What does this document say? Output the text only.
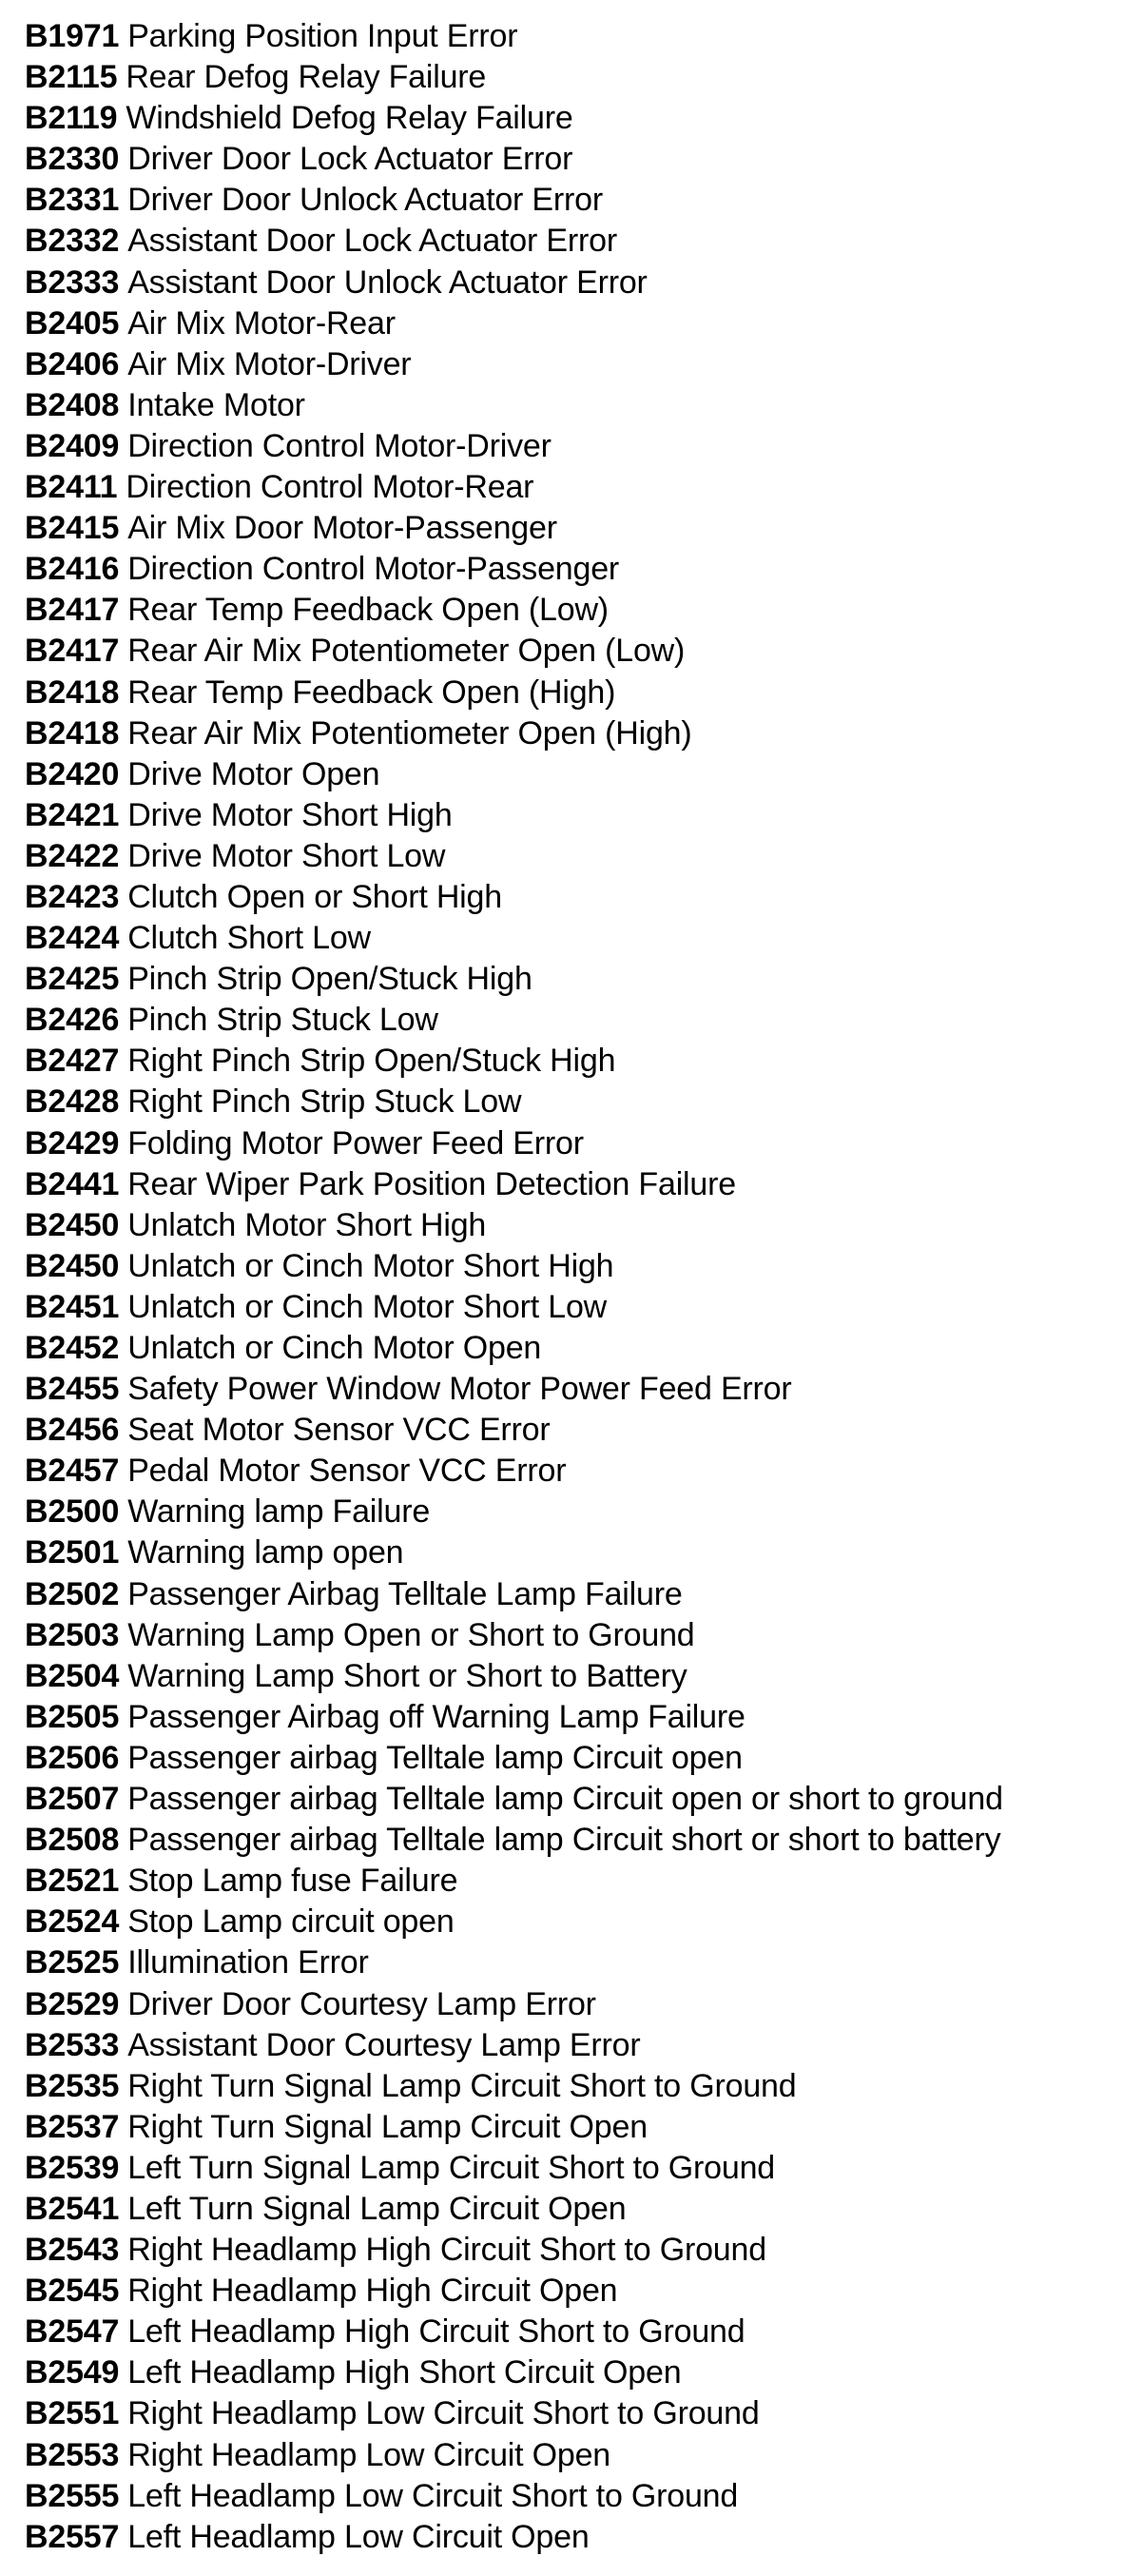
B1971 Parking Position Input Error
B2115 Rear Defog Relay Failure
B2119 Windshield Defog Relay Failure
B2330 Driver Door Lock Actuator Error
B2331 Driver Door Unlock Actuator Error
B2332 Assistant Door Lock Actuator Error
B2333 Assistant Door Unlock Actuator Error
B2405 Air Mix Motor-Rear
B2406 Air Mix Motor-Driver
B2408 Intake Motor
B2409 Direction Control Motor-Driver
B2411 Direction Control Motor-Rear
B2415 Air Mix Door Motor-Passenger
B2416 Direction Control Motor-Passenger
B2417 Rear Temp Feedback Open (Low)
B2417 Rear Air Mix Potentiometer Open (Low)
B2418 Rear Temp Feedback Open (High)
B2418 Rear Air Mix Potentiometer Open (High)
B2420 Drive Motor Open
B2421 Drive Motor Short High
B2422 Drive Motor Short Low
B2423 Clutch Open or Short High
B2424 Clutch Short Low
B2425 Pinch Strip Open/Stuck High
B2426 Pinch Strip Stuck Low
B2427 Right Pinch Strip Open/Stuck High
B2428 Right Pinch Strip Stuck Low
B2429 Folding Motor Power Feed Error
B2441 Rear Wiper Park Position Detection Failure
B2450 Unlatch Motor Short High
B2450 Unlatch or Cinch Motor Short High
B2451 Unlatch or Cinch Motor Short Low
B2452 Unlatch or Cinch Motor Open
B2455 Safety Power Window Motor Power Feed Error
B2456 Seat Motor Sensor VCC Error
B2457 Pedal Motor Sensor VCC Error
B2500 Warning lamp Failure
B2501 Warning lamp open
B2502 Passenger Airbag Telltale Lamp Failure
B2503 Warning Lamp Open or Short to Ground
B2504 Warning Lamp Short or Short to Battery
B2505 Passenger Airbag off Warning Lamp Failure
B2506 Passenger airbag Telltale lamp Circuit open
B2507 Passenger airbag Telltale lamp Circuit open or short to ground
B2508 Passenger airbag Telltale lamp Circuit short or short to battery
B2521 Stop Lamp fuse Failure
B2524 Stop Lamp circuit open
B2525 Illumination Error
B2529 Driver Door Courtesy Lamp Error
B2533 Assistant Door Courtesy Lamp Error
B2535 Right Turn Signal Lamp Circuit Short to Ground
B2537 Right Turn Signal Lamp Circuit Open
B2539 Left Turn Signal Lamp Circuit Short to Ground
B2541 Left Turn Signal Lamp Circuit Open
B2543 Right Headlamp High Circuit Short to Ground
B2545 Right Headlamp High Circuit Open
B2547 Left Headlamp High Circuit Short to Ground
B2549 Left Headlamp High Short Circuit Open
B2551 Right Headlamp Low Circuit Short to Ground
B2553 Right Headlamp Low Circuit Open
B2555 Left Headlamp Low Circuit Short to Ground
B2557 Left Headlamp Low Circuit Open
